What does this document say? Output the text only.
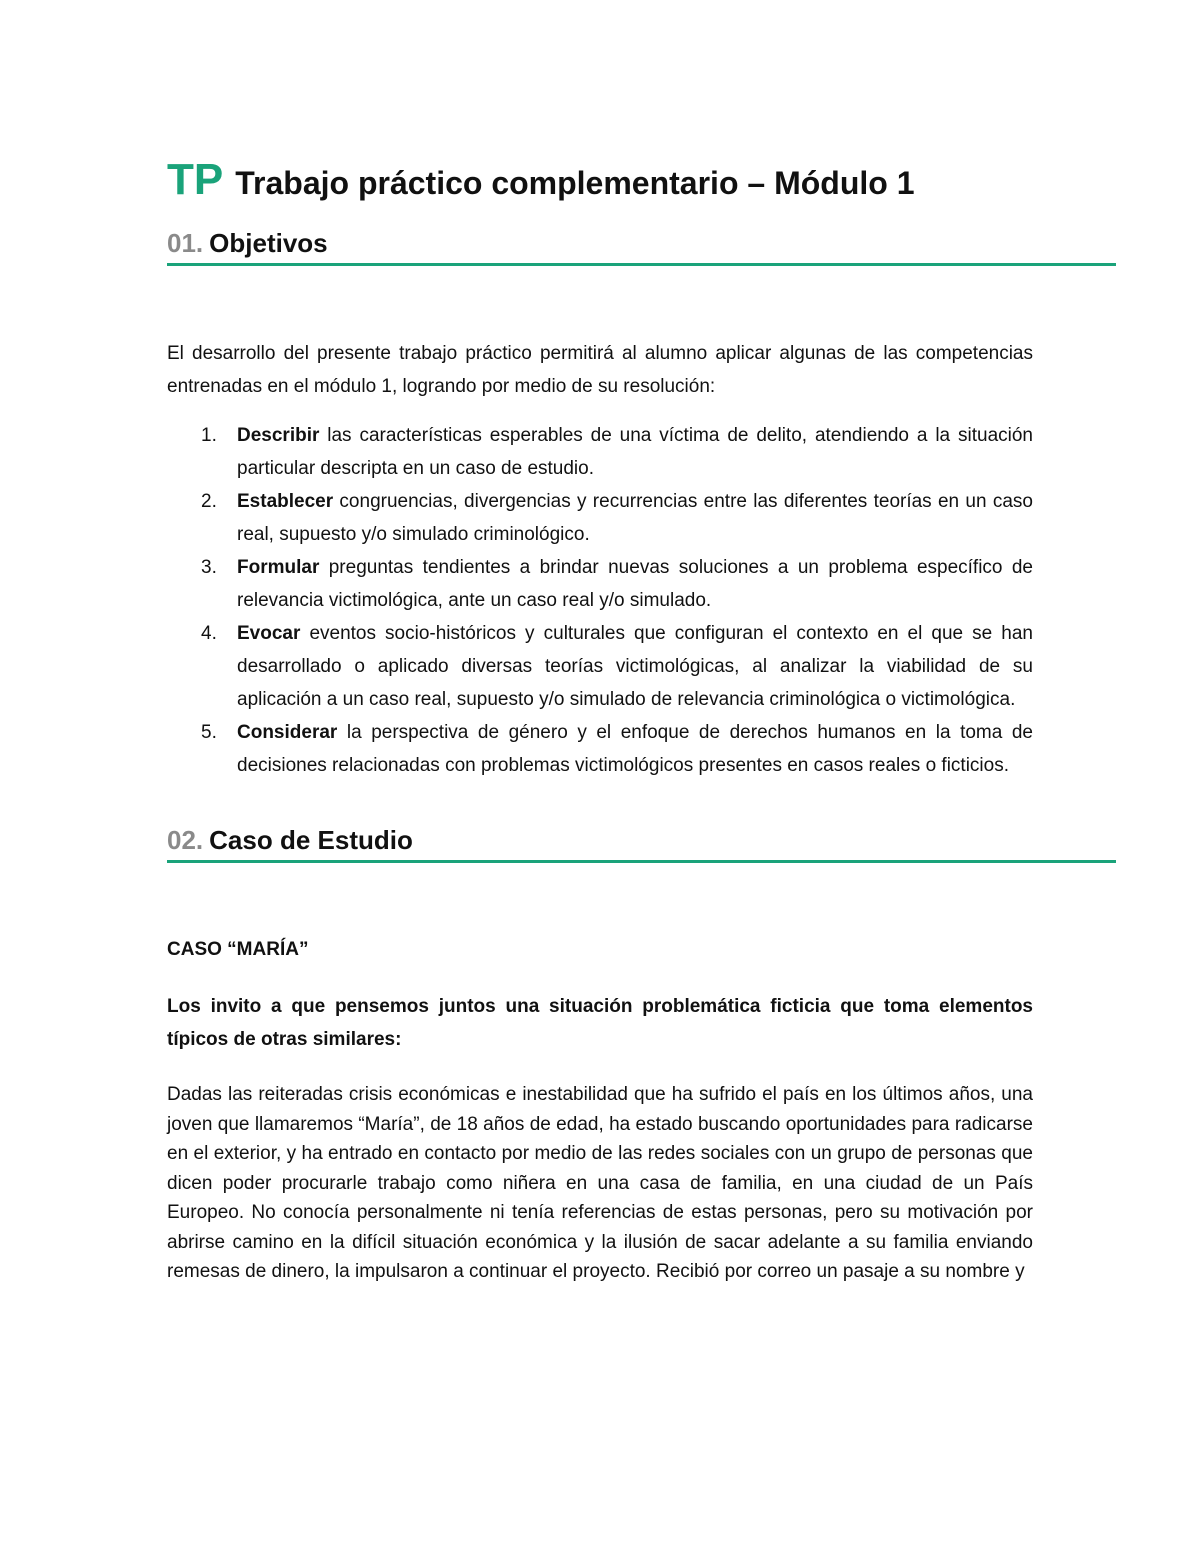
TP Trabajo práctico complementario – Módulo 1
01. Objetivos

El desarrollo del presente trabajo práctico permitirá al alumno aplicar algunas de las competencias entrenadas en el módulo 1, logrando por medio de su resolución:

1. Describir las características esperables de una víctima de delito, atendiendo a la situación particular descripta en un caso de estudio.
2. Establecer congruencias, divergencias y recurrencias entre las diferentes teorías en un caso real, supuesto y/o simulado criminológico.
3. Formular preguntas tendientes a brindar nuevas soluciones a un problema específico de relevancia victimológica, ante un caso real y/o simulado.
4. Evocar eventos socio-históricos y culturales que configuran el contexto en el que se han desarrollado o aplicado diversas teorías victimológicas, al analizar la viabilidad de su aplicación a un caso real, supuesto y/o simulado de relevancia criminológica o victimológica.
5. Considerar la perspectiva de género y el enfoque de derechos humanos en la toma de decisiones relacionadas con problemas victimológicos presentes en casos reales o ficticios.
02. Caso de Estudio

CASO “MARÍA”

Los invito a que pensemos juntos una situación problemática ficticia que toma elementos típicos de otras similares:

Dadas las reiteradas crisis económicas e inestabilidad que ha sufrido el país en los últimos años, una joven que llamaremos “María”, de 18 años de edad, ha estado buscando oportunidades para radicarse en el exterior, y ha entrado en contacto por medio de las redes sociales con un grupo de personas que dicen poder procurarle trabajo como niñera en una casa de familia, en una ciudad de un País Europeo. No conocía personalmente ni tenía referencias de estas personas, pero su motivación por abrirse camino en la difícil situación económica y la ilusión de sacar adelante a su familia enviando remesas de dinero, la impulsaron a continuar el proyecto. Recibió por correo un pasaje a su nombre y
